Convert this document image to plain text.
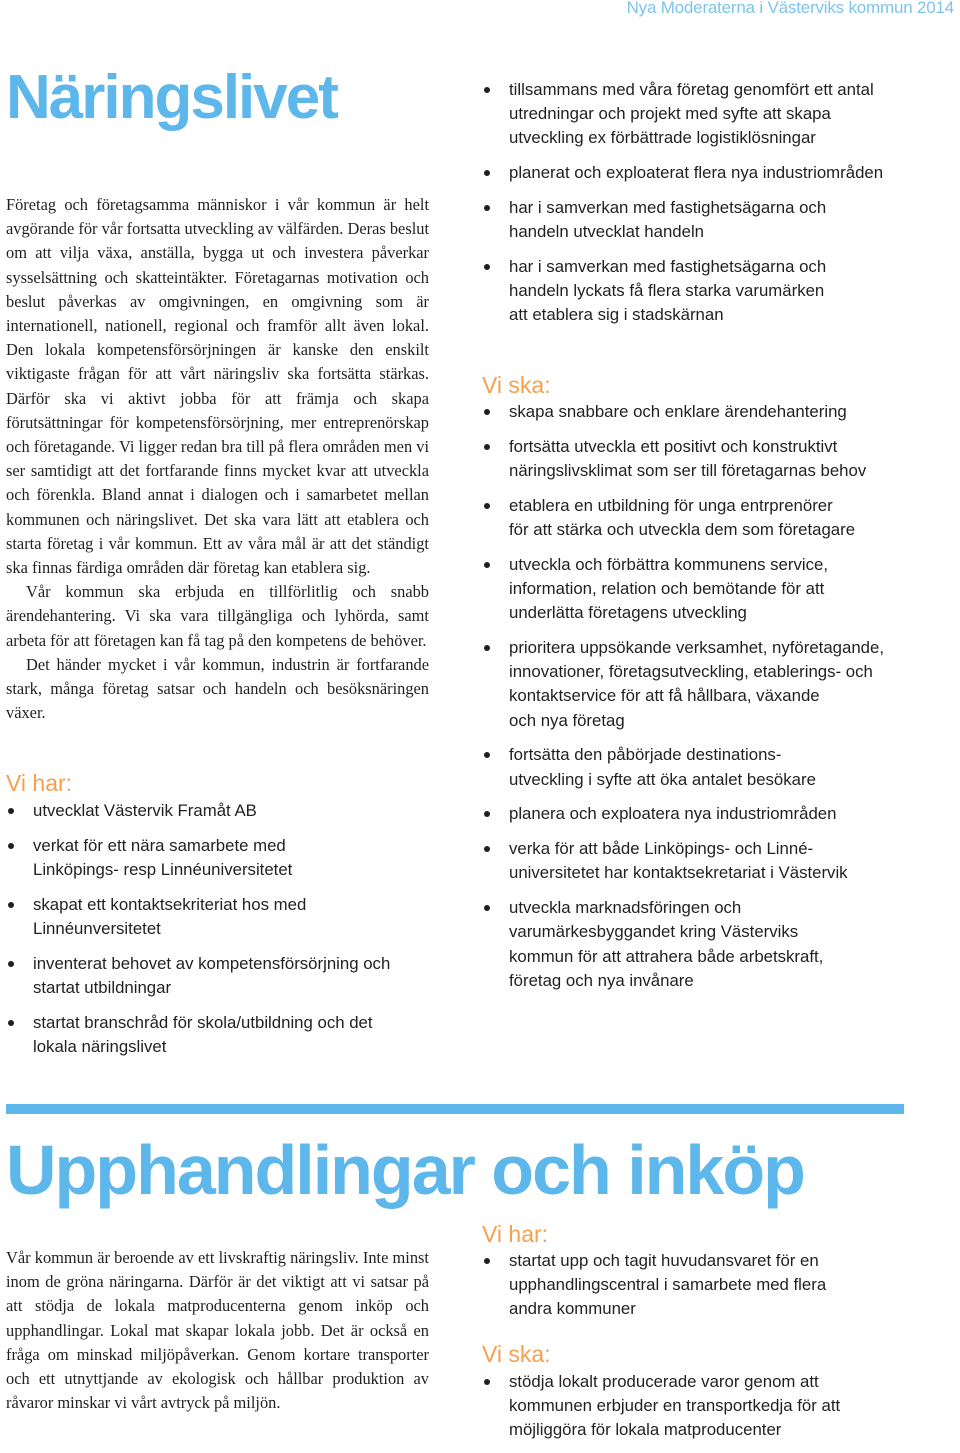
Nya Moderaterna i Västerviks kommun 2014
Näringslivet

Företag och företagsamma människor i vår kommun är helt avgörande för vår fortsatta utveckling av välfärden. Deras beslut om att vilja växa, anställa, bygga ut och investera påverkar sysselsättning och skatteintäkter. Företagarnas motivation och beslut påverkas av omgivningen, en omgivning som är internationell, nationell, regional och framför allt även lokal. Den lokala kompetensförsörjningen är kanske den enskilt viktigaste frågan för att vårt näringsliv ska fortsätta stärkas. Därför ska vi aktivt jobba för att främja och skapa förutsättningar för kompetensförsörjning, mer entreprenörskap och företagande. Vi ligger redan bra till på flera områden men vi ser samtidigt att det fortfarande finns mycket kvar att utveckla och förenkla. Bland annat i dialogen och i samarbetet mellan kommunen och näringslivet. Det ska vara lätt att etablera och starta företag i vår kommun. Ett av våra mål är att det ständigt ska finnas färdiga områden där företag kan etablera sig.

Vår kommun ska erbjuda en tillförlitlig och snabb ärendehantering. Vi ska vara tillgängliga och lyhörda, samt arbeta för att företagen kan få tag på den kompetens de behöver.

Det händer mycket i vår kommun, industrin är fortfarande stark, många företag satsar och handeln och besöksnäringen växer.

Vi har:
utvecklat Västervik Framåt AB
verkat för ett nära samarbete med
Linköpings- resp Linnéuniversitetet
skapat ett kontaktsekriteriat hos med
Linnéunversitetet
inventerat behovet av kompetensförsörjning och
startat utbildningar
startat branschråd för skola/utbildning och det
lokala näringslivet
tillsammans med våra företag genomfört ett antal
utredningar och projekt med syfte att skapa
utveckling ex förbättrade logistiklösningar
planerat och exploaterat flera nya industriområden
har i samverkan med fastighetsägarna och
handeln utvecklat handeln
har i samverkan med fastighetsägarna och
handeln lyckats få flera starka varumärken
att etablera sig i stadskärnan
Vi ska:
skapa snabbare och enklare ärendehantering
fortsätta utveckla ett positivt och konstruktivt
näringslivsklimat som ser till företagarnas behov
etablera en utbildning för unga entrprenörer
för att stärka och utveckla dem som företagare
utveckla och förbättra kommunens service,
information, relation och bemötande för att
underlätta företagens utveckling
prioritera uppsökande verksamhet, nyföretagande,
innovationer, företagsutveckling, etablerings- och
kontaktservice för att få hållbara, växande
och nya företag
fortsätta den påbörjade destinations-
utveckling i syfte att öka antalet besökare
planera och exploatera nya industriområden
verka för att både Linköpings- och Linné-
universitetet har kontaktsekretariat i Västervik
utveckla marknadsföringen och
varumärkesbyggandet kring Västerviks
kommun för att attrahera både arbetskraft,
företag och nya invånare
Upphandlingar och inköp

Vår kommun är beroende av ett livskraftig näringsliv. Inte minst inom de gröna näringarna. Därför är det viktigt att vi satsar på att stödja de lokala matproducenterna genom inköp och upphandlingar. Lokal mat skapar lokala jobb. Det är också en fråga om minskad miljöpåverkan. Genom kortare transporter och ett utnyttjande av ekologisk och hållbar produktion av råvaror minskar vi vårt avtryck på miljön.

Vi har:
startat upp och tagit huvudansvaret för en
upphandlingscentral i samarbete med flera
andra kommuner
Vi ska:
stödja lokalt producerade varor genom att
kommunen erbjuder en transportkedja för att
möjliggöra för lokala matproducenter
